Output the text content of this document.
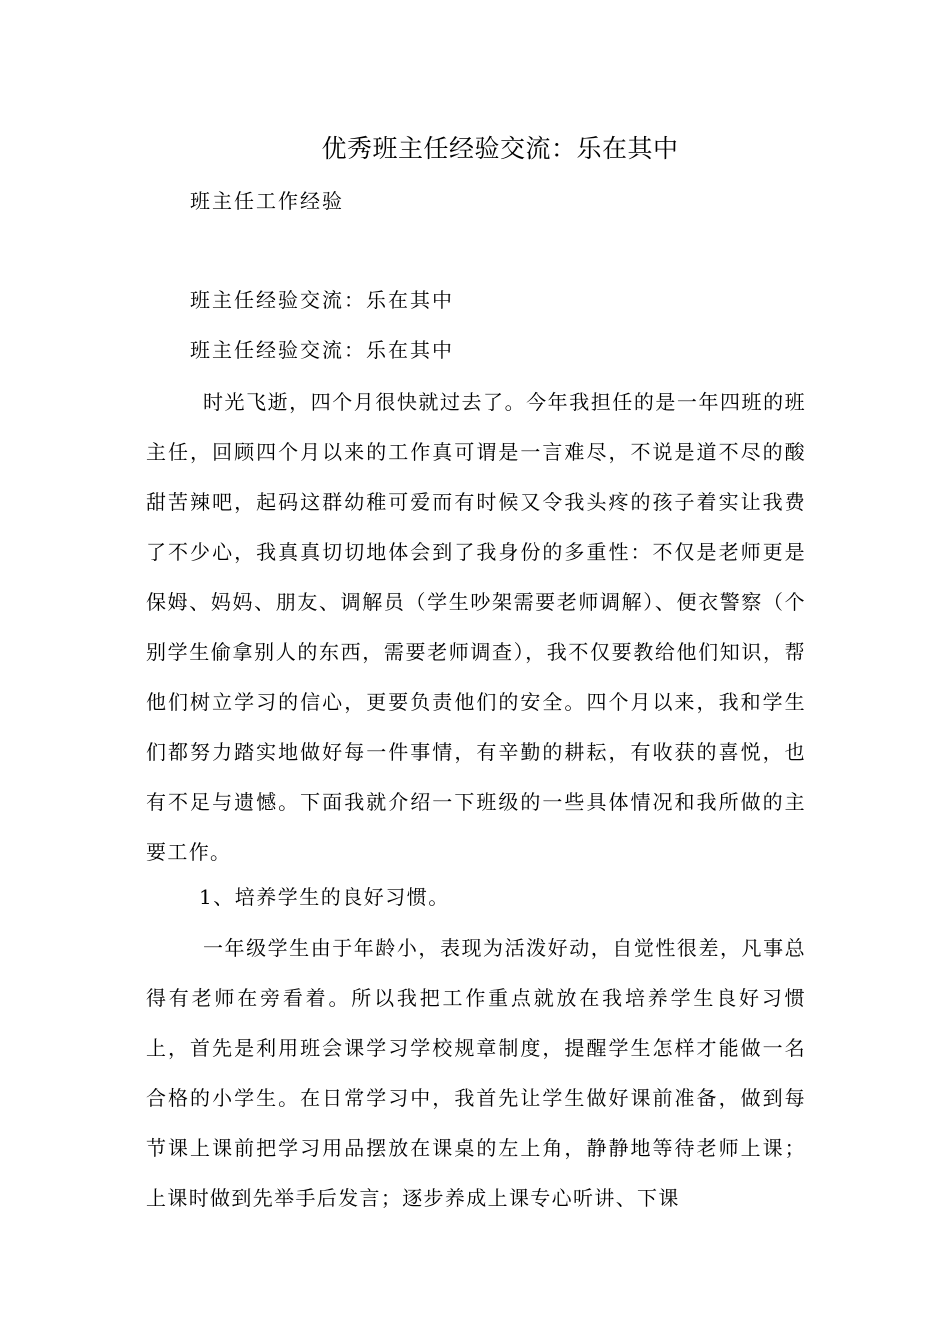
优秀班主任经验交流：乐在其中
班主任工作经验
班主任经验交流：乐在其中
班主任经验交流：乐在其中

时光飞逝，四个月很快就过去了。今年我担任的是一年四班的班主任，回顾四个月以来的工作真可谓是一言难尽，不说是道不尽的酸甜苦辣吧，起码这群幼稚可爱而有时候又令我头疼的孩子着实让我费了不少心，我真真切切地体会到了我身份的多重性：不仅是老师更是保姆、妈妈、朋友、调解员（学生吵架需要老师调解）、便衣警察（个别学生偷拿别人的东西，需要老师调查），我不仅要教给他们知识，帮他们树立学习的信心，更要负责他们的安全。四个月以来，我和学生们都努力踏实地做好每一件事情，有辛勤的耕耘，有收获的喜悦，也有不足与遗憾。下面我就介绍一下班级的一些具体情况和我所做的主要工作。

1、培养学生的良好习惯。

一年级学生由于年龄小，表现为活泼好动，自觉性很差，凡事总得有老师在旁看着。所以我把工作重点就放在我培养学生良好习惯上，首先是利用班会课学习学校规章制度，提醒学生怎样才能做一名合格的小学生。在日常学习中，我首先让学生做好课前准备，做到每节课上课前把学习用品摆放在课桌的左上角，静静地等待老师上课；上课时做到先举手后发言；逐步养成上课专心听讲、下课
